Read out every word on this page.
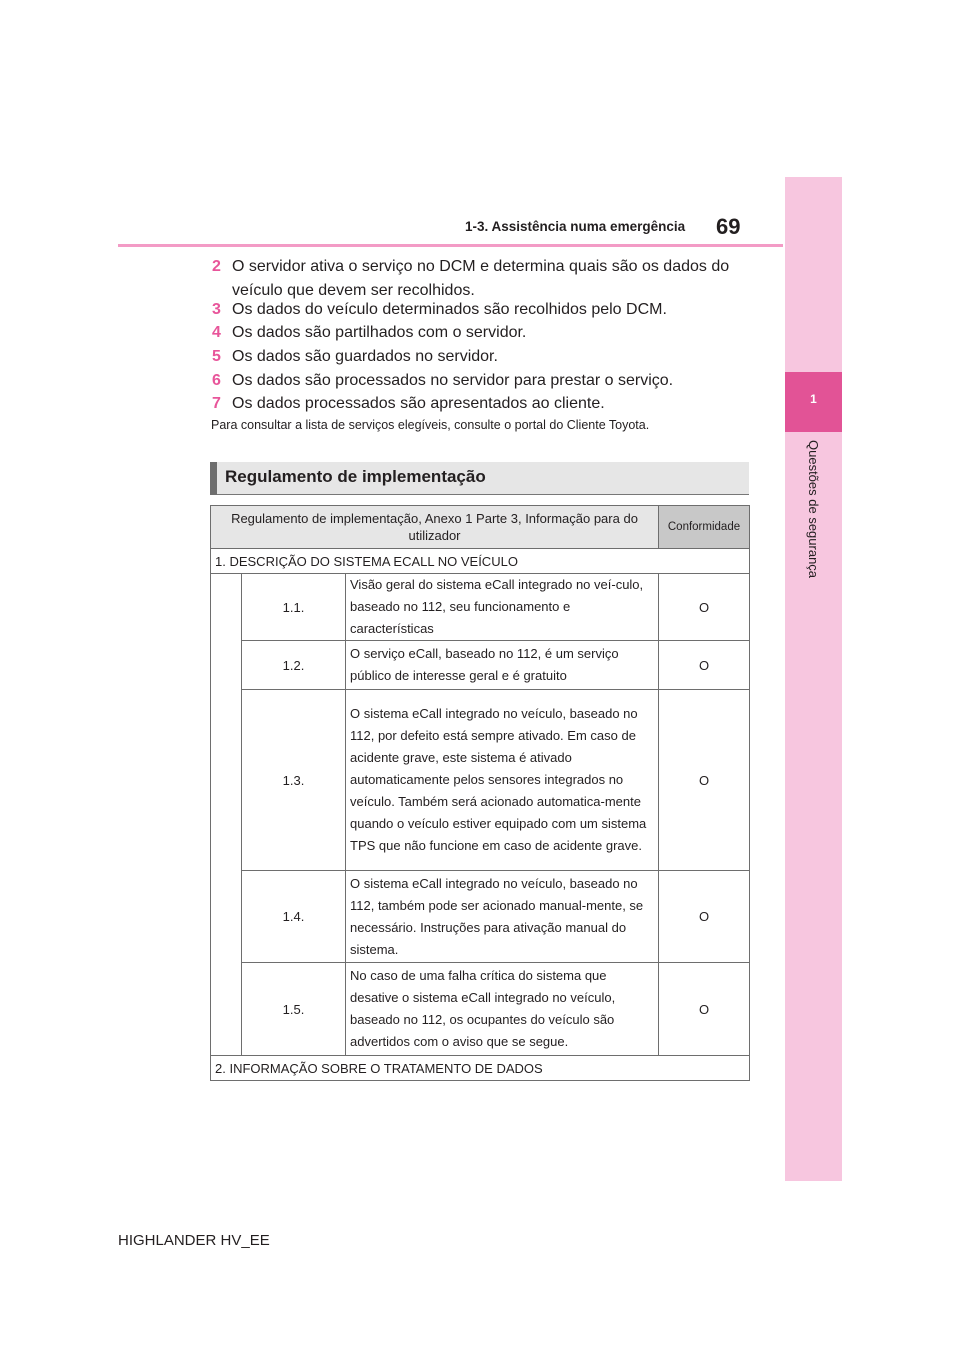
1-3. Assistência numa emergência 69
1
Questões de segurança
2 O servidor ativa o serviço no DCM e determina quais são os dados do veículo que devem ser recolhidos.
3 Os dados do veículo determinados são recolhidos pelo DCM.
4 Os dados são partilhados com o servidor.
5 Os dados são guardados no servidor.
6 Os dados são processados no servidor para prestar o serviço.
7 Os dados processados são apresentados ao cliente.
Para consultar a lista de serviços elegíveis, consulte o portal do Cliente Toyota.
Regulamento de implementação
Regulamento de implementação, Anexo 1 Parte 3, Informação para do utilizador			Conformidade
1. DESCRIÇÃO DO SISTEMA ECALL NO VEÍCULO			
	1.1.	Visão geral do sistema eCall integrado no veí-culo, baseado no 112, seu funcionamento e características	O
	1.2.	O serviço eCall, baseado no 112, é um serviço público de interesse geral e é gratuito	O
	1.3.	O sistema eCall integrado no veículo, baseado no 112, por defeito está sempre ativado. Em caso de acidente grave, este sistema é ativado automaticamente pelos sensores integrados no veículo. Também será acionado automatica-mente quando o veículo estiver equipado com um sistema TPS que não funcione em caso de acidente grave.	O
	1.4.	O sistema eCall integrado no veículo, baseado no 112, também pode ser acionado manual-mente, se necessário. Instruções para ativação manual do sistema.	O
	1.5.	No caso de uma falha crítica do sistema que desative o sistema eCall integrado no veículo, baseado no 112, os ocupantes do veículo são advertidos com o aviso que se segue.	O
2. INFORMAÇÃO SOBRE O TRATAMENTO DE DADOS			
HIGHLANDER HV_EE
